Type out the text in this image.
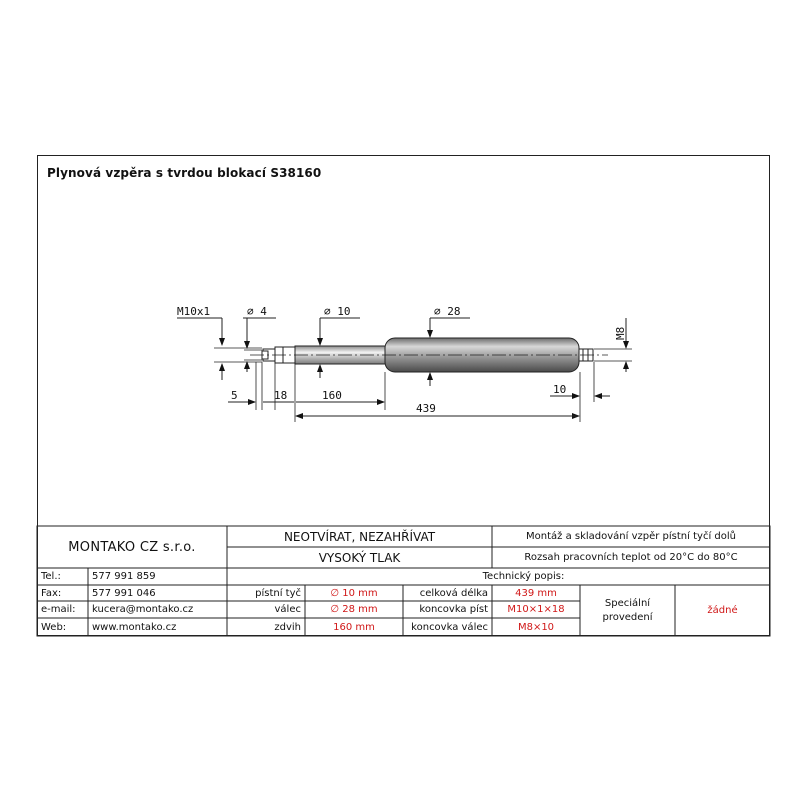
Plynová vzpěra s tvrdou blokací S38160
M10x1	⌀ 4	⌀ 10	⌀ 28
M8
5	18	160
439
10
MONTAKO CZ s.r.o.
Tel.:	577 991 859
Fax:	577 991 046
e-mail:	kucera@montako.cz
Web:	www.montako.cz
NEOTVÍRAT, NEZAHŘÍVAT
VYSOKÝ TLAK
Montáž a skladování vzpěr pístní tyčí dolů
Rozsah pracovních teplot od 20°C do 80°C
Technický popis:
pístní tyč	∅ 10 mm	celková délka	439 mm
válec	∅ 28 mm	koncovka píst	M10×1×18
zdvih	160 mm	koncovka válec	M8×10
Speciální provedení
žádné
